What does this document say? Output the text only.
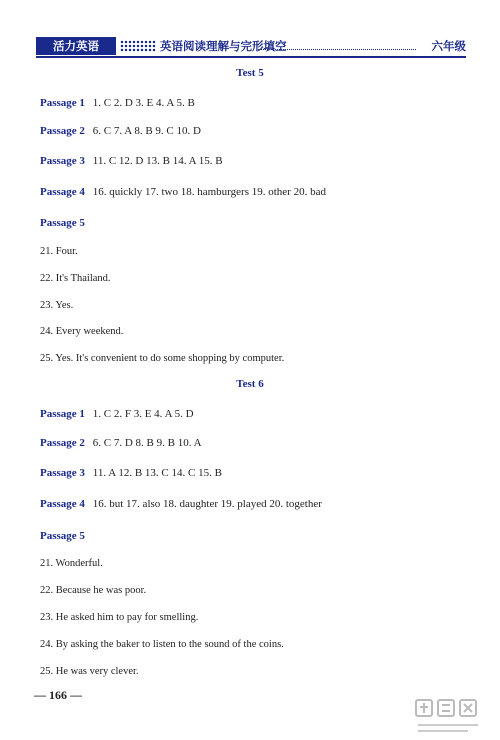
活力英语	英语阅读理解与完形填空	六年级
Test 5
Passage 1 1. C 2. D 3. E 4. A 5. B
Passage 2 6. C 7. A 8. B 9. C 10. D
Passage 3 11. C 12. D 13. B 14. A 15. B
Passage 4 16. quickly 17. two 18. hamburgers 19. other 20. bad
Passage 5
21. Four.
22. It's Thailand.
23. Yes.
24. Every weekend.
25. Yes. It's convenient to do some shopping by computer.
Test 6
Passage 1 1. C 2. F 3. E 4. A 5. D
Passage 2 6. C 7. D 8. B 9. B 10. A
Passage 3 11. A 12. B 13. C 14. C 15. B
Passage 4 16. but 17. also 18. daughter 19. played 20. together
Passage 5
21. Wonderful.
22. Because he was poor.
23. He asked him to pay for smelling.
24. By asking the baker to listen to the sound of the coins.
25. He was very clever.
— 166 —
